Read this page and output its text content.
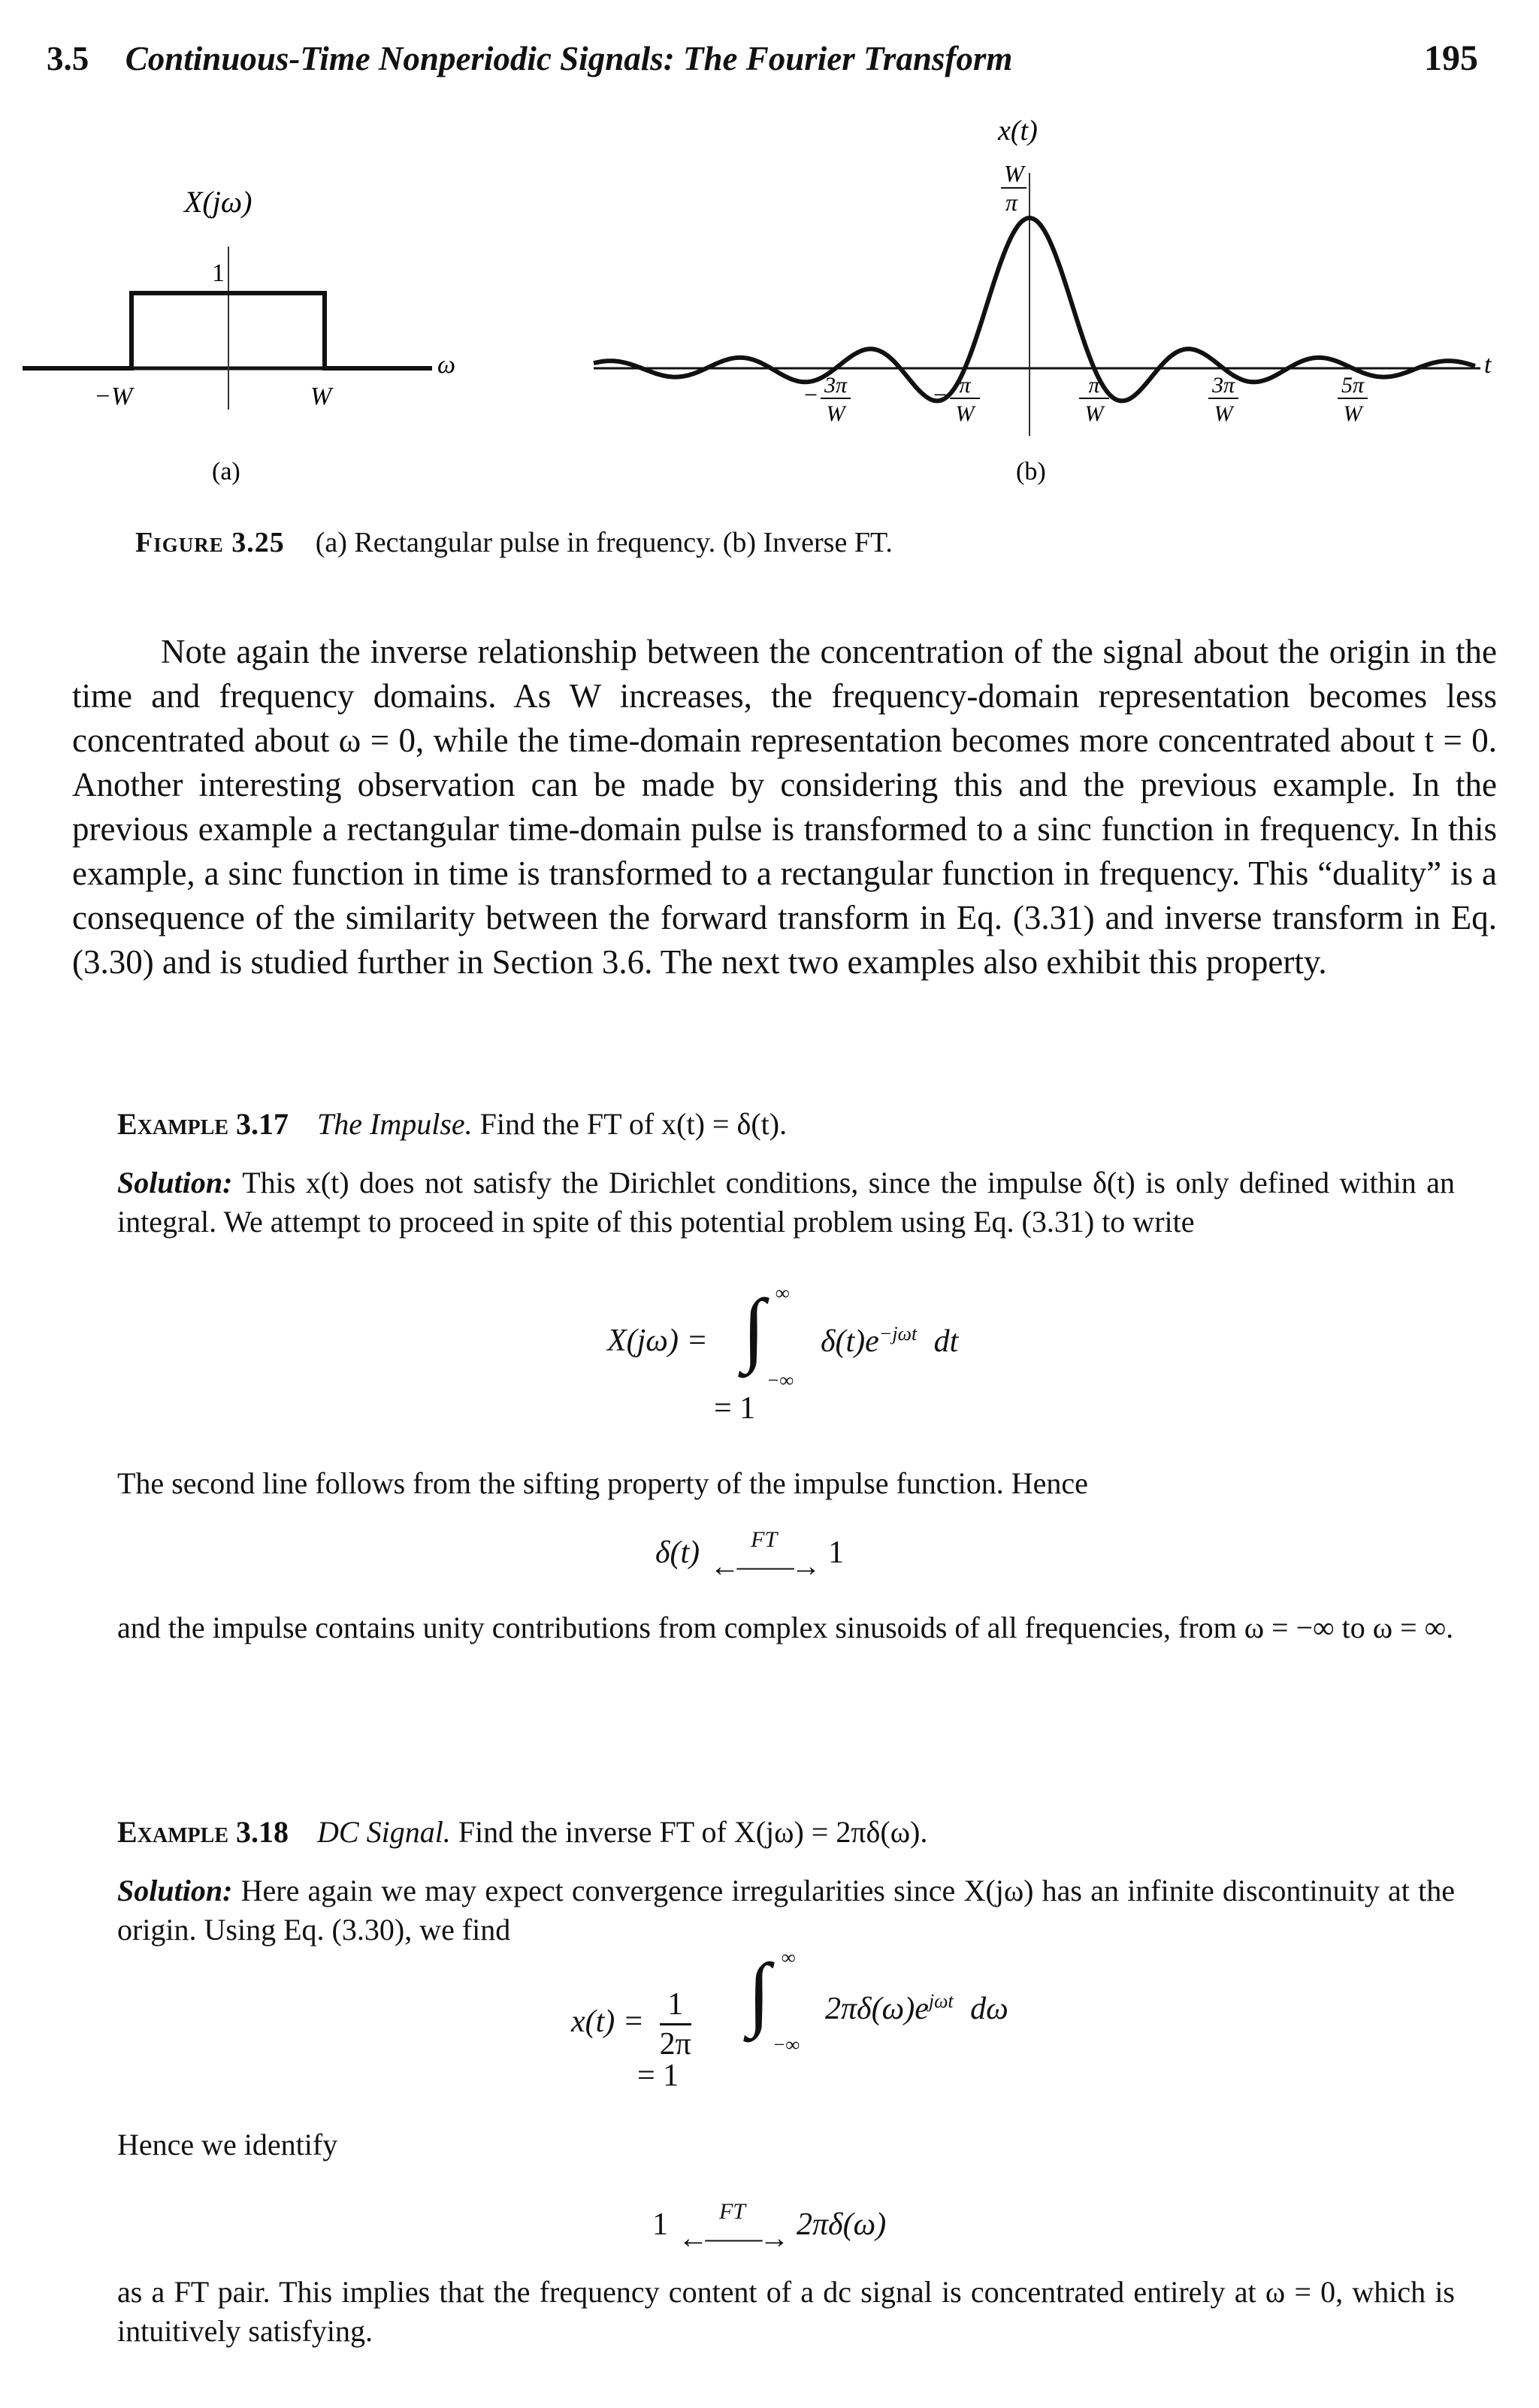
3.5 Continuous-Time Nonperiodic Signals: The Fourier Transform	195
X(jω)
1
ω
−W	W
(a)
x(t)
W
π
t
− 3π
W
− π
W
π
W
3π
W
5π
W
(b)
Figure 3.25 (a) Rectangular pulse in frequency. (b) Inverse FT.
Note again the inverse relationship between the concentration of the signal about the origin in the time and frequency domains. As W increases, the frequency-domain representation becomes less concentrated about ω = 0, while the time-domain representation becomes more concentrated about t = 0. Another interesting observation can be made by considering this and the previous example. In the previous example a rectangular time-domain pulse is transformed to a sinc function in frequency. In this example, a sinc function in time is transformed to a rectangular function in frequency. This “duality” is a consequence of the similarity between the forward transform in Eq. (3.31) and inverse transform in Eq. (3.30) and is studied further in Section 3.6. The next two examples also exhibit this property.
Example 3.17 The Impulse. Find the FT of x(t) = δ(t).
Solution: This x(t) does not satisfy the Dirichlet conditions, since the impulse δ(t) is only defined within an integral. We attempt to proceed in spite of this potential problem using Eq. (3.31) to write
X(jω) = ∫ ∞
−∞
$\delta(t)e^{-j\omega t}$ dt
= 1
The second line follows from the sifting property of the impulse function. Hence
δ(t)	FT
←——→ 1
and the impulse contains unity contributions from complex sinusoids of all frequencies, from ω = −∞ to ω = ∞.
Example 3.18 DC Signal. Find the inverse FT of X(jω) = 2πδ(ω).
Solution: Here again we may expect convergence irregularities since X(jω) has an infinite discontinuity at the origin. Using Eq. (3.30), we find
$x(t) = \frac{1}{2\pi}$ ∫ ∞
−∞
$2\pi\delta(\omega)e^{j\omega t}$ dω
= 1
Hence we identify
1	FT
←——→ 2πδ(ω)
as a FT pair. This implies that the frequency content of a dc signal is concentrated entirely at ω = 0, which is intuitively satisfying.
